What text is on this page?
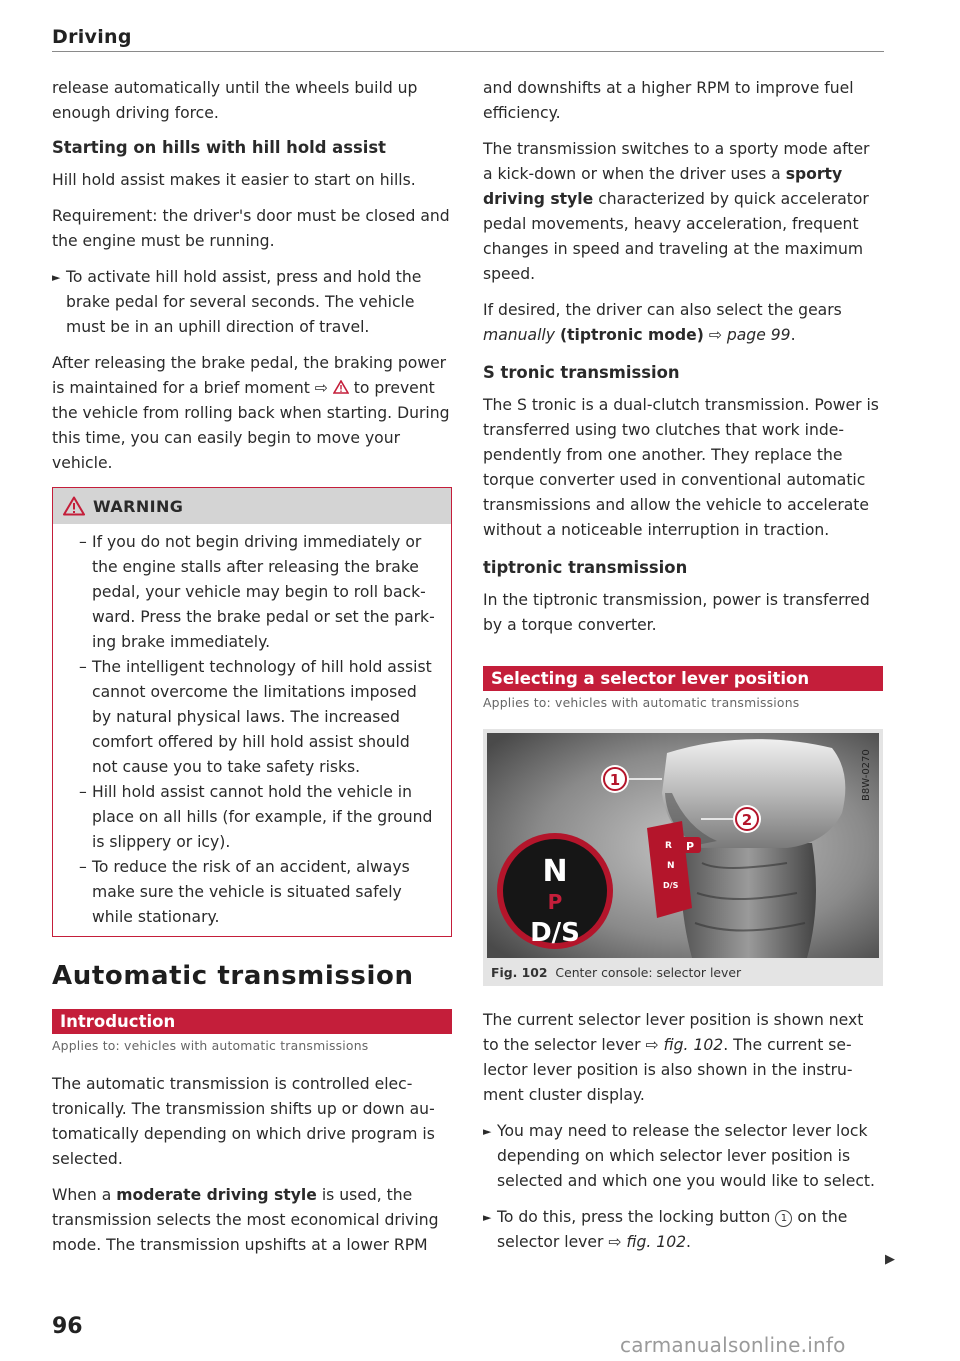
Driving

release automatically until the wheels build up enough driving force.

Starting on hills with hill hold assist

Hill hold assist makes it easier to start on hills.

Requirement: the driver's door must be closed and the engine must be running.

► To activate hill hold assist, press and hold the brake pedal for several seconds. The vehicle must be in an uphill direction of travel.

After releasing the brake pedal, the braking power is maintained for a brief moment ⇨  to prevent the vehicle from rolling back when starting. During this time, you can easily begin to move your vehicle.

WARNING
– If you do not begin driving immediately or the engine stalls after releasing the brake pedal, your vehicle may begin to roll backward. Press the brake pedal or set the parking brake immediately.
– The intelligent technology of hill hold assist cannot overcome the limitations imposed by natural physical laws. The increased comfort offered by hill hold assist should not cause you to take safety risks.
– Hill hold assist cannot hold the vehicle in place on all hills (for example, if the ground is slippery or icy).
– To reduce the risk of an accident, always make sure the vehicle is situated safely while stationary.
Automatic transmission
Introduction
Applies to: vehicles with automatic transmissions

The automatic transmission is controlled electronically. The transmission shifts up or down automatically depending on which drive program is selected.

When a moderate driving style is used, the transmission selects the most economical driving mode. The transmission upshifts at a lower RPM

and downshifts at a higher RPM to improve fuel efficiency.

The transmission switches to a sporty mode after a kick-down or when the driver uses a sporty driving style characterized by quick accelerator pedal movements, heavy acceleration, frequent changes in speed and traveling at the maximum speed.

If desired, the driver can also select the gears manually (tiptronic mode) ⇨ page 99.

S tronic transmission

The S tronic is a dual-clutch transmission. Power is transferred using two clutches that work independently from one another. They replace the torque converter used in conventional automatic transmissions and allow the vehicle to accelerate without a noticeable interruption in traction.

tiptronic transmission

In the tiptronic transmission, power is transferred by a torque converter.

Selecting a selector lever position
Applies to: vehicles with automatic transmissions
R
N
D/S
P
N
P
D/S
1
2
B8W-0270
Fig. 102 Center console: selector lever

The current selector lever position is shown next to the selector lever ⇨ fig. 102. The current selector lever position is also shown in the instrument cluster display.

► You may need to release the selector lever lock depending on which selector lever position is selected and which one you would like to select.

► To do this, press the locking button 1 on the selector lever ⇨ fig. 102.

▶
96
carmanualsonline.info
